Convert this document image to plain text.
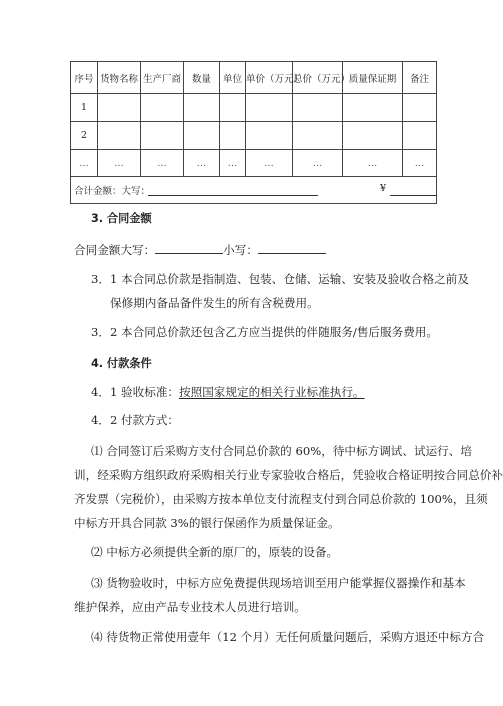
序号	货物名称	生产厂商	数量	单位	单价（万元）	总价（万元）	质量保证期	备注
1								
2								
…	…	…	…	…	…	…	…	…

合计金额：大写： ¥								
3. 合同金额
合同金额大写：	小写：
3．1 本合同总价款是指制造、包装、仓储、运输、安装及验收合格之前及
保修期内备品备件发生的所有含税费用。
3．2 本合同总价款还包含乙方应当提供的伴随服务/售后服务费用。
4. 付款条件
4．1 验收标准：按照国家规定的相关行业标准执行。
4．2 付款方式：
⑴ 合同签订后采购方支付合同总价款的 60%，待中标方调试、试运行、培
训，经采购方组织政府采购相关行业专家验收合格后，凭验收合格证明按合同总价补
齐发票（完税价），由采购方按本单位支付流程支付到合同总价款的 100%，且须
中标方开具合同款 3%的银行保函作为质量保证金。
⑵ 中标方必须提供全新的原厂的，原装的设备。
⑶ 货物验收时，中标方应免费提供现场培训至用户能掌握仪器操作和基本
维护保养，应由产品专业技术人员进行培训。
⑷ 待货物正常使用壹年（12 个月）无任何质量问题后，采购方退还中标方合
